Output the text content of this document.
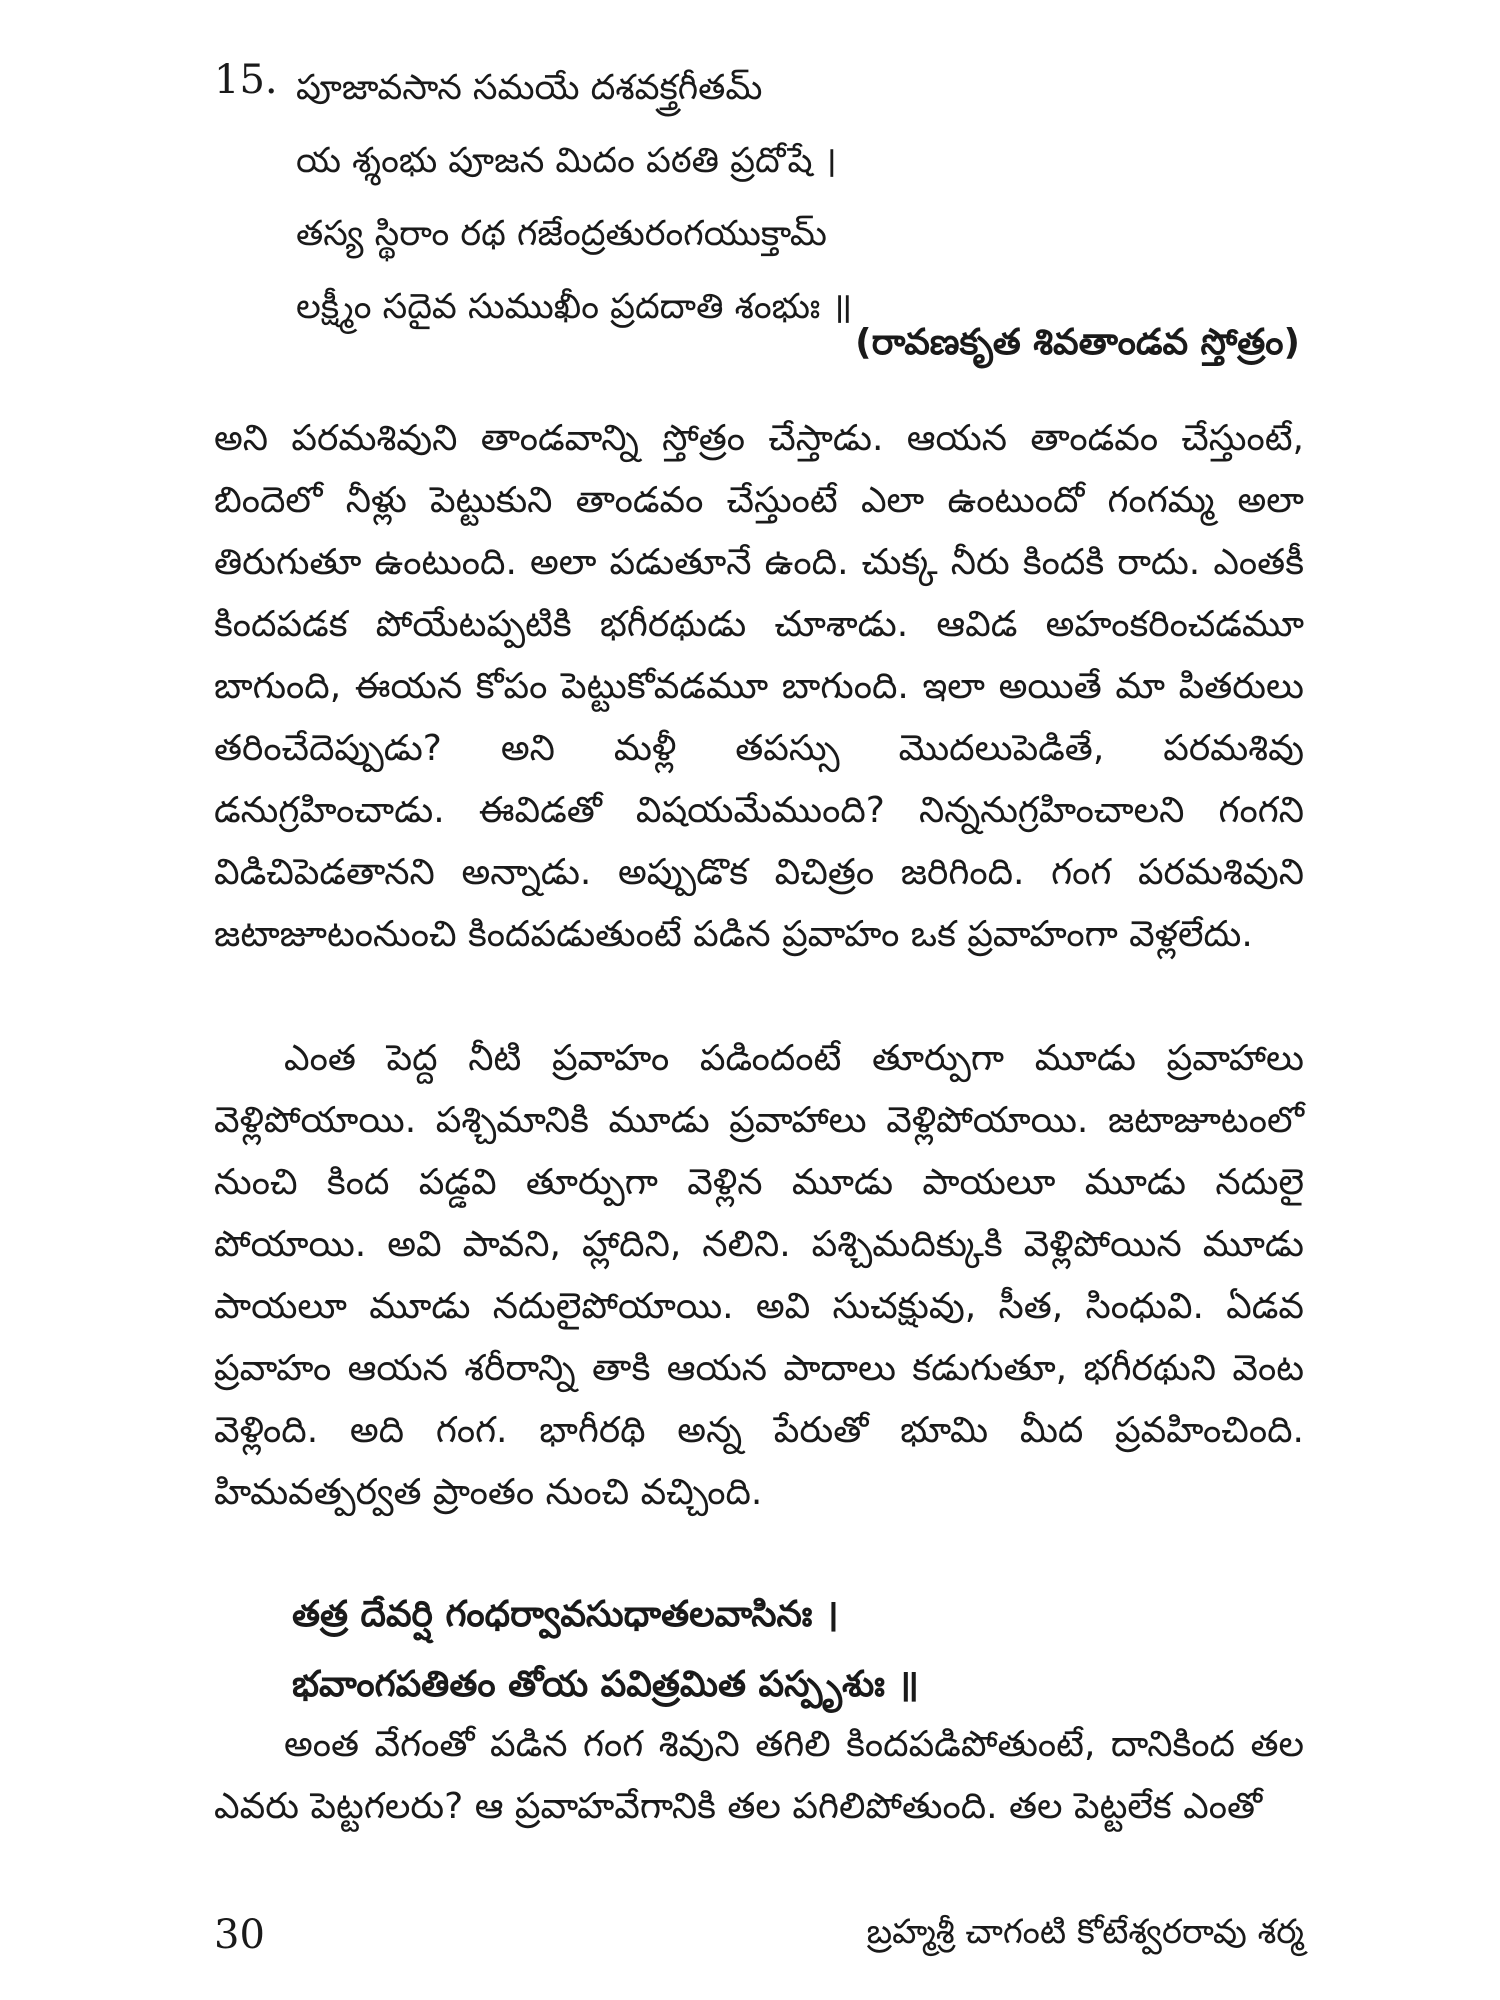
15. పూజావసాన సమయే దశవక్త్రగీతమ్
య శ్శంభు పూజన మిదం పఠతి ప్రదోషే ।
తస్య స్థిరాం రథ గజేంద్రతురంగయుక్తామ్
లక్ష్మీం సదైవ సుముఖీం ప్రదదాతి శంభుః ॥
(రావణకృత శివతాండవ స్తోత్రం)

అని పరమశివుని తాండవాన్ని స్తోత్రం చేస్తాడు. ఆయన తాండవం చేస్తుంటే, బిందెలో నీళ్లు పెట్టుకుని తాండవం చేస్తుంటే ఎలా ఉంటుందో గంగమ్మ అలా తిరుగుతూ ఉంటుంది. అలా పడుతూనే ఉంది. చుక్క నీరు కిందకి రాదు. ఎంతకీ కిందపడక పోయేటప్పటికి భగీరథుడు చూశాడు. ఆవిడ అహంకరించడమూ బాగుంది, ఈయన కోపం పెట్టుకోవడమూ బాగుంది. ఇలా అయితే మా పితరులు తరించేదెప్పుడు? అని మళ్లీ తపస్సు మొదలుపెడితే, పరమశివు డనుగ్రహించాడు. ఈవిడతో విషయమేముంది? నిన్ననుగ్రహించాలని గంగని విడిచిపెడతానని అన్నాడు. అప్పుడొక విచిత్రం జరిగింది. గంగ పరమశివుని జటాజూటంనుంచి కిందపడుతుంటే పడిన ప్రవాహం ఒక ప్రవాహంగా వెళ్లలేదు.

ఎంత పెద్ద నీటి ప్రవాహం పడిందంటే తూర్పుగా మూడు ప్రవాహాలు వెళ్లిపోయాయి. పశ్చిమానికి మూడు ప్రవాహాలు వెళ్లిపోయాయి. జటాజూటంలో నుంచి కింద పడ్డవి తూర్పుగా వెళ్లిన మూడు పాయలూ మూడు నదులై పోయాయి. అవి పావని, హ్లాదిని, నలిని. పశ్చిమదిక్కుకి వెళ్లిపోయిన మూడు పాయలూ మూడు నదులైపోయాయి. అవి సుచక్షువు, సీత, సింధువి. ఏడవ ప్రవాహం ఆయన శరీరాన్ని తాకి ఆయన పాదాలు కడుగుతూ, భగీరథుని వెంట వెళ్లింది. అది గంగ. భాగీరథి అన్న పేరుతో భూమి మీద ప్రవహించింది. హిమవత్పర్వత ప్రాంతం నుంచి వచ్చింది.

తత్ర దేవర్షి గంధర్వావసుధాతలవాసినః ।
భవాంగపతితం తోయ పవిత్రమిత పస్పృశుః ॥

అంత వేగంతో పడిన గంగ శివుని తగిలి కిందపడిపోతుంటే, దానికింద తల ఎవరు పెట్టగలరు? ఆ ప్రవాహవేగానికి తల పగిలిపోతుంది. తల పెట్టలేక ఎంతో

30	బ్రహ్మశ్రీ చాగంటి కోటేశ్వరరావు శర్మ
